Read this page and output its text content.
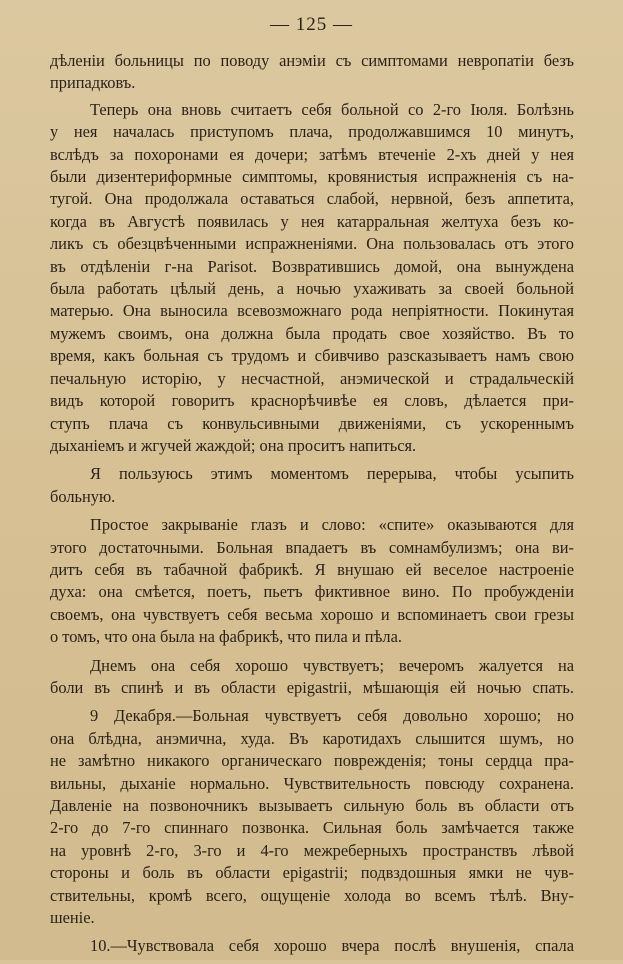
— 125 —

дѣленіи больницы по поводу анэміи съ симптомами невропатіи безъ
припадковъ.

Теперь она вновь считаетъ себя больной со 2-го Іюля. Болѣзнь
у нея началась приступомъ плача, продолжавшимся 10 минутъ,
вслѣдъ за похоронами ея дочери; затѣмъ втеченіе 2-хъ дней у нея
были дизентериформные симптомы, кровянистыя испражненія съ на-
тугой. Она продолжала оставаться слабой, нервной, безъ аппетита,
когда въ Августѣ появилась у нея катарральная желтуха безъ ко-
ликъ съ обезцвѣченными испражненіями. Она пользовалась отъ этого
въ отдѣленіи г-на Parisot. Возвратившись домой, она вынуждена
была работать цѣлый день, а ночью ухаживать за своей больной
матерью. Она выносила всевозможнаго рода непріятности. Покинутая
мужемъ своимъ, она должна была продать свое хозяйство. Въ то
время, какъ больная съ трудомъ и сбивчиво разсказываетъ намъ свою
печальную исторію, у несчастной, анэмической и страдальческій
видъ которой говоритъ краснорѣчивѣе ея словъ, дѣлается при-
ступъ плача съ конвульсивными движеніями, съ ускореннымъ
дыханіемъ и жгучей жаждой; она проситъ напиться.

Я пользуюсь этимъ моментомъ перерыва, чтобы усыпить
больную.

Простое закрываніе глазъ и слово: «спите» оказываются для
этого достаточными. Больная впадаетъ въ сомнамбулизмъ; она ви-
дитъ себя въ табачной фабрикѣ. Я внушаю ей веселое настроеніе
духа: она смѣется, поетъ, пьетъ фиктивное вино. По пробужденіи
своемъ, она чувствуетъ себя весьма хорошо и вспоминаетъ свои грезы
о томъ, что она была на фабрикѣ, что пила и пѣла.

Днемъ она себя хорошо чувствуетъ; вечеромъ жалуется на
боли въ спинѣ и въ области epigastrii, мѣшающія ей ночью спать.

9 Декабря.—Больная чувствуетъ себя довольно хорошо; но
она блѣдна, анэмична, худа. Въ каротидахъ слышится шумъ, но
не замѣтно никакого органическаго поврежденія; тоны сердца пра-
вильны, дыханіе нормально. Чувствительность повсюду сохранена.
Давленіе на позвоночникъ вызываетъ сильную боль въ области отъ
2-го до 7-го спиннаго позвонка. Сильная боль замѣчается также
на уровнѣ 2-го, 3-го и 4-го межреберныхъ пространствъ лѣвой
стороны и боль въ области epigastrii; подвздошныя ямки не чув-
ствительны, кромѣ всего, ощущеніе холода во всемъ тѣлѣ. Вну-
шеніе.

10.—Чувствовала себя хорошо вчера послѣ внушенія, спала
